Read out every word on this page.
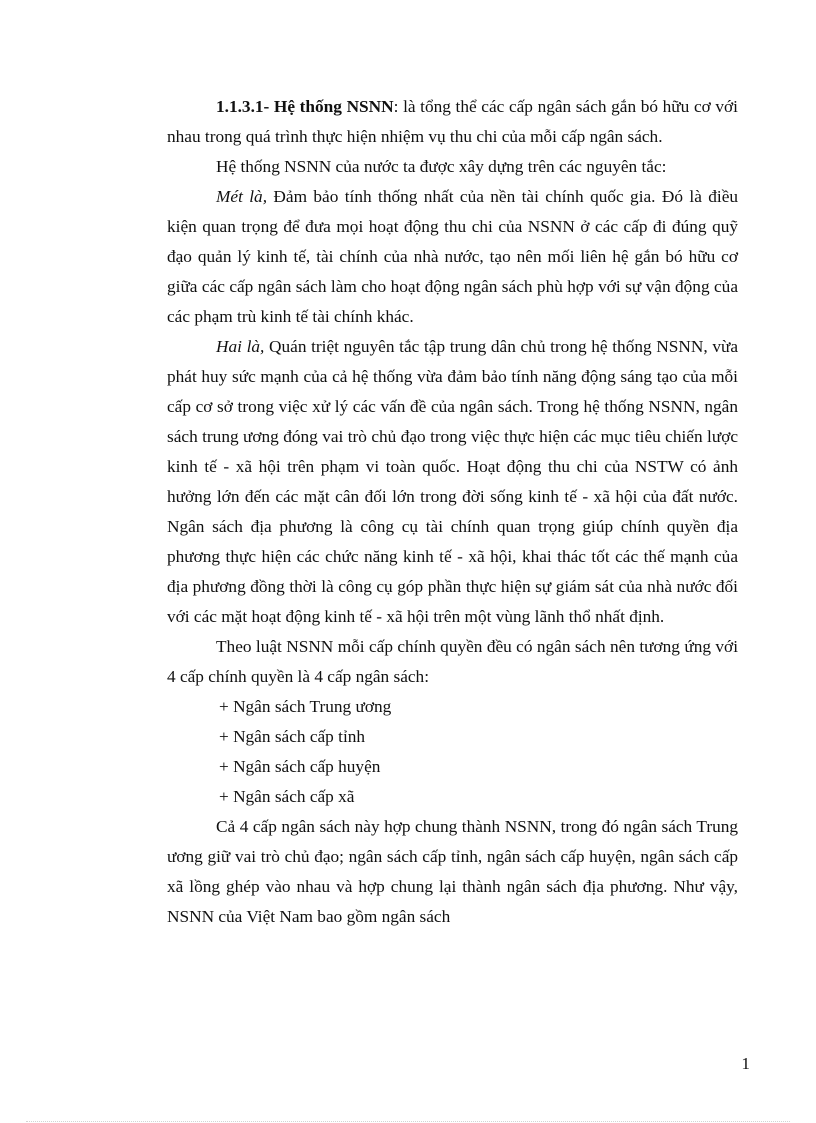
1.1.3.1- Hệ thống NSNN: là tổng thể các cấp ngân sách gắn bó hữu cơ với nhau trong quá trình thực hiện nhiệm vụ thu chi của mỗi cấp ngân sách.

Hệ thống NSNN của nước ta được xây dựng trên các nguyên tắc:

Mét là, Đảm bảo tính thống nhất của nền tài chính quốc gia. Đó là điều kiện quan trọng để đưa mọi hoạt động thu chi của NSNN ở các cấp đi đúng quỹ đạo quản lý kinh tế, tài chính của nhà nước, tạo nên mối liên hệ gắn bó hữu cơ giữa các cấp ngân sách làm cho hoạt động ngân sách phù hợp với sự vận động của các phạm trù kinh tế tài chính khác.

Hai là, Quán triệt nguyên tắc tập trung dân chủ trong hệ thống NSNN, vừa phát huy sức mạnh của cả hệ thống vừa đảm bảo tính năng động sáng tạo của mỗi cấp cơ sở trong việc xử lý các vấn đề của ngân sách. Trong hệ thống NSNN, ngân sách trung ương đóng vai trò chủ đạo trong việc thực hiện các mục tiêu chiến lược kinh tế - xã hội trên phạm vi toàn quốc. Hoạt động thu chi của NSTW có ảnh hưởng lớn đến các mặt cân đối lớn trong đời sống kinh tế - xã hội của đất nước. Ngân sách địa phương là công cụ tài chính quan trọng giúp chính quyền địa phương thực hiện các chức năng kinh tế - xã hội, khai thác tốt các thế mạnh của địa phương đồng thời là công cụ góp phần thực hiện sự giám sát của nhà nước đối với các mặt hoạt động kinh tế - xã hội trên một vùng lãnh thổ nhất định.

Theo luật NSNN mỗi cấp chính quyền đều có ngân sách nên tương ứng với 4 cấp chính quyền là 4 cấp ngân sách:

+ Ngân sách Trung ương

+ Ngân sách cấp tỉnh

+ Ngân sách cấp huyện

+ Ngân sách cấp xã

Cả 4 cấp ngân sách này hợp chung thành NSNN, trong đó ngân sách Trung ương giữ vai trò chủ đạo; ngân sách cấp tỉnh, ngân sách cấp huyện, ngân sách cấp xã lồng ghép vào nhau và hợp chung lại thành ngân sách địa phương. Như vậy, NSNN của Việt Nam bao gồm ngân sách

1
